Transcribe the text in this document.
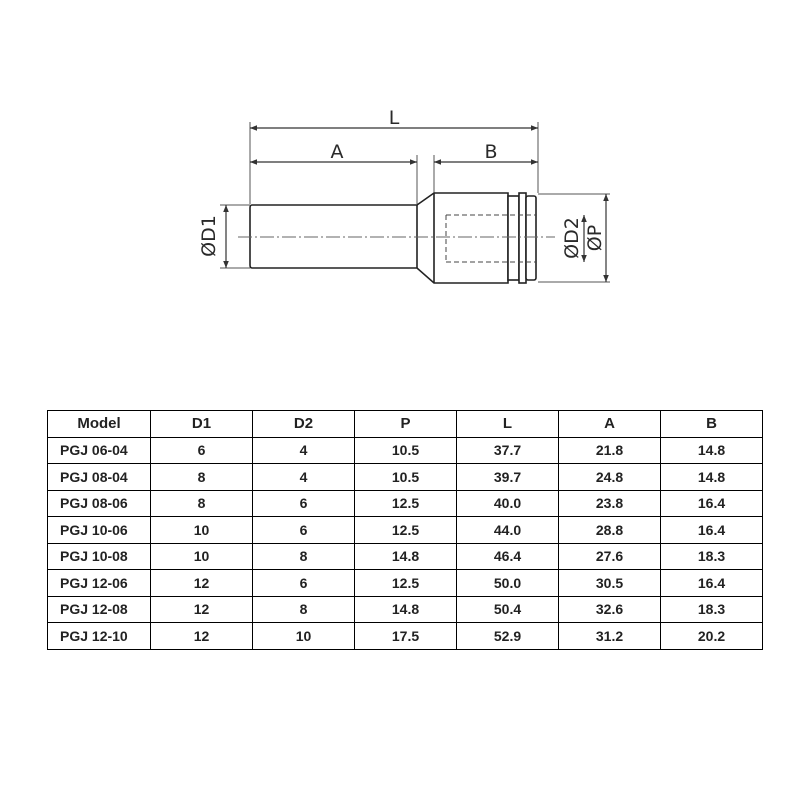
L
A	B
ØD1	ØD2 ØP
Model	D1	D2	P	L	A	B
PGJ 06-04	6	4	10.5	37.7	21.8	14.8
PGJ 08-04	8	4	10.5	39.7	24.8	14.8
PGJ 08-06	8	6	12.5	40.0	23.8	16.4
PGJ 10-06	10	6	12.5	44.0	28.8	16.4
PGJ 10-08	10	8	14.8	46.4	27.6	18.3
PGJ 12-06	12	6	12.5	50.0	30.5	16.4
PGJ 12-08	12	8	14.8	50.4	32.6	18.3
PGJ 12-10	12	10	17.5	52.9	31.2	20.2
